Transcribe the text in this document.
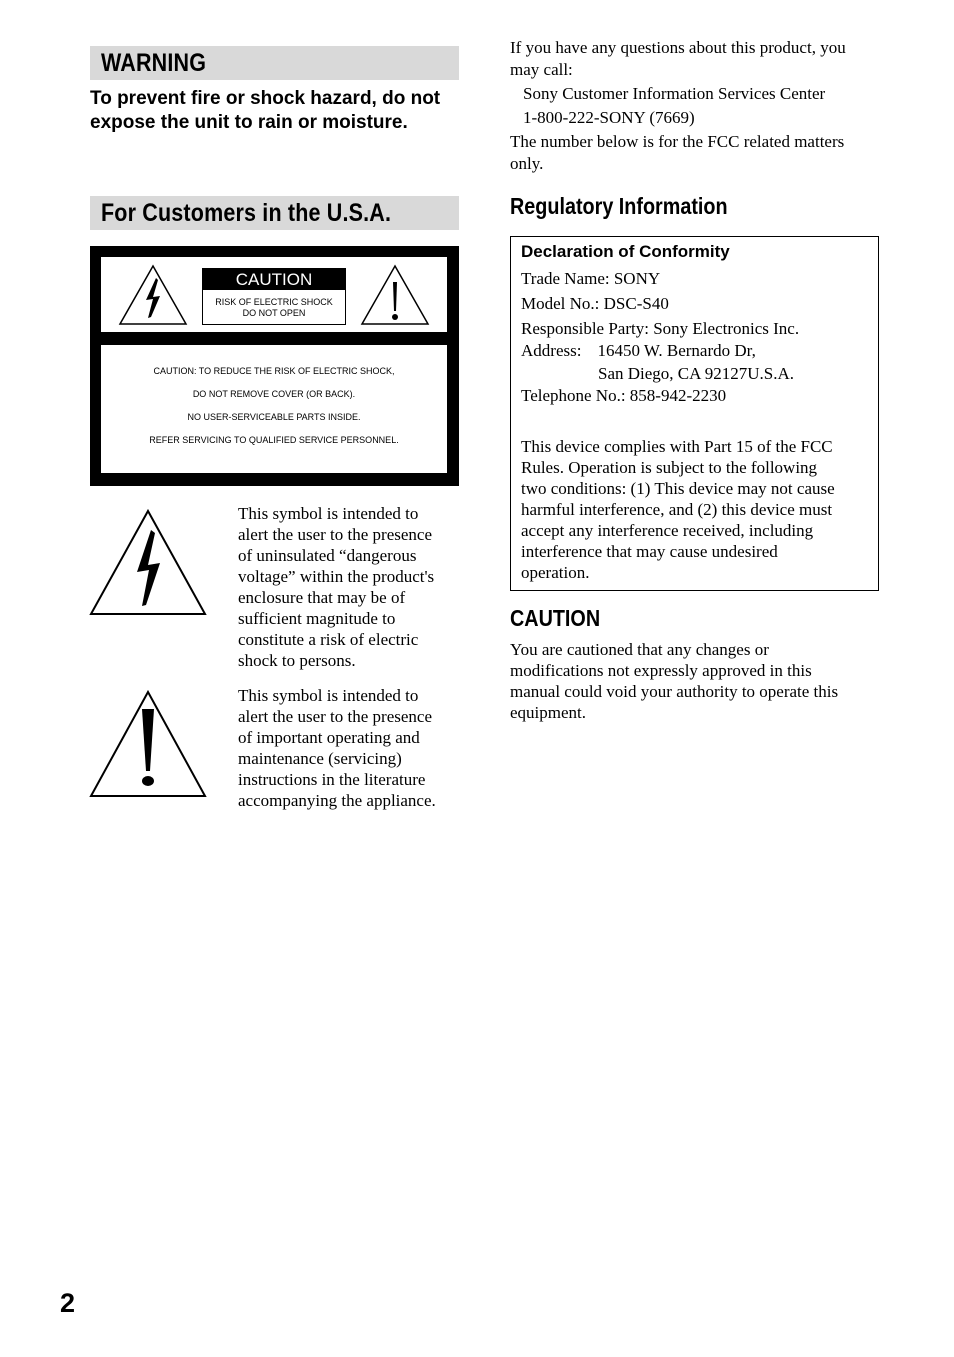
WARNING
To prevent fire or shock hazard, do not expose the unit to rain or moisture.
For Customers in the U.S.A.
CAUTION
RISK OF ELECTRIC SHOCK
DO NOT OPEN
CAUTION: TO REDUCE THE RISK OF ELECTRIC SHOCK,
DO NOT REMOVE COVER (OR BACK).
NO USER-SERVICEABLE PARTS INSIDE.
REFER SERVICING TO QUALIFIED SERVICE PERSONNEL.
This symbol is intended to
alert the user to the presence
of uninsulated “dangerous
voltage” within the product's
enclosure that may be of
sufficient magnitude to
constitute a risk of electric
shock to persons.
This symbol is intended to
alert the user to the presence
of important operating and
maintenance (servicing)
instructions in the literature
accompanying the appliance.
If you have any questions about this product, you
may call:
Sony Customer Information Services Center
1-800-222-SONY (7669)
The number below is for the FCC related matters
only.
Regulatory Information
Declaration of Conformity
Trade Name: SONY
Model No.: DSC-S40
Responsible Party: Sony Electronics Inc.
Address: 16450 W. Bernardo Dr,
San Diego, CA 92127U.S.A.
Telephone No.: 858-942-2230
This device complies with Part 15 of the FCC
Rules. Operation is subject to the following
two conditions: (1) This device may not cause
harmful interference, and (2) this device must
accept any interference received, including
interference that may cause undesired
operation.
CAUTION
You are cautioned that any changes or
modifications not expressly approved in this
manual could void your authority to operate this
equipment.
2
